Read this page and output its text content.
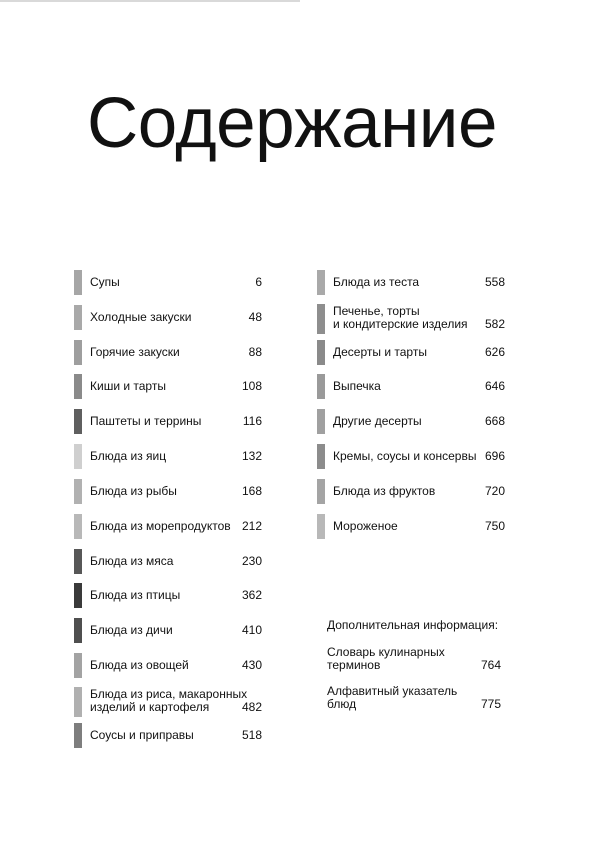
Содержание
Супы	6
Холодные закуски	48
Горячие закуски	88
Киши и тарты	108
Паштеты и террины	116
Блюда из яиц	132
Блюда из рыбы	168
Блюда из морепродуктов 212
Блюда из мяса	230
Блюда из птицы	362
Блюда из дичи	410
Блюда из овощей	430
Блюда из риса, макаронных
изделий и картофеля	482
Соусы и приправы	518
Блюда из теста	558
Печенье, торты
и кондитерские изделия	582
Десерты и тарты	626
Выпечка	646
Другие десерты	668
Кремы, соусы и консервы 696
Блюда из фруктов	720
Мороженое	750
Дополнительная информация:
Словарь кулинарных
терминов	764
Алфавитный указатель
блюд	775
